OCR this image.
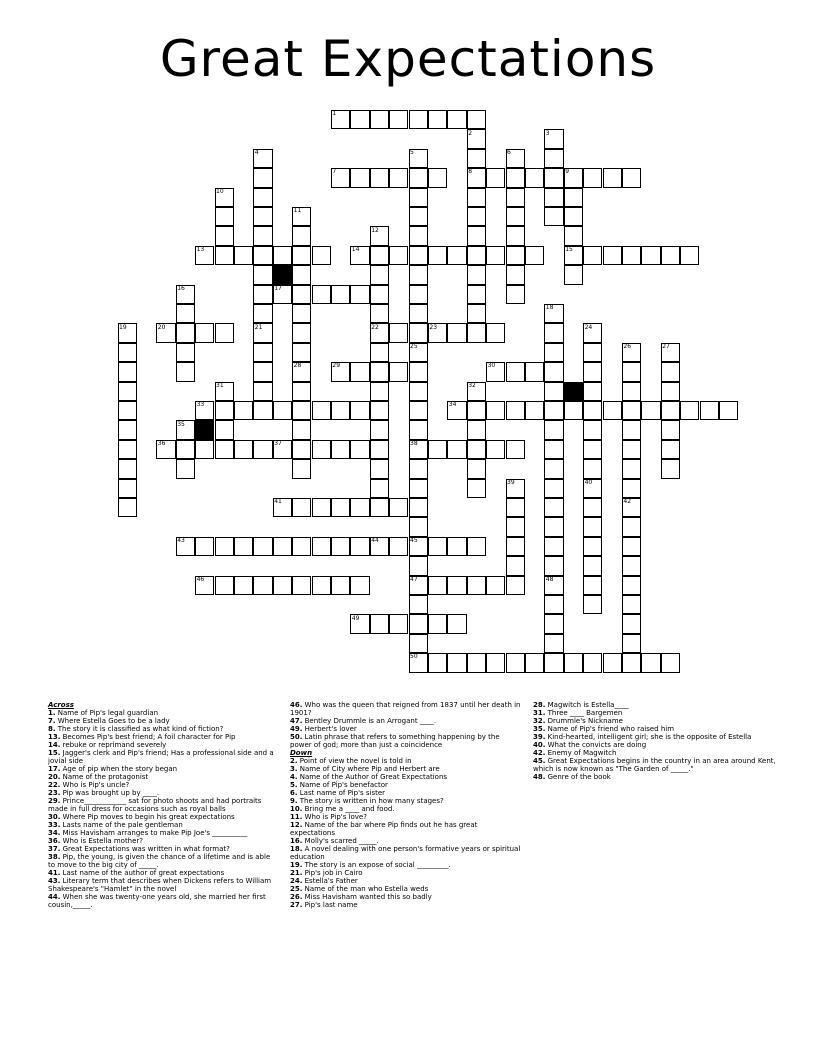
Great Expectations
1
2	3
4	5	6
7	8	9
10
11
12
13	14	15
16	17
18
19	20	21	22	23	24
25	26	27
28	29	30
31	32
33	34
35
36	37	38
39	40
41	42
43	44	45
46	47	48
49
50
Across
1. Name of Pip's legal guardian
7. Where Estella Goes to be a lady
8. The story it is classified as what kind of fiction?
13. Becomes Pip's best friend; A foil character for Pip
14. rebuke or reprimand severely
15. Jagger's clerk and Pip's friend; Has a professional side and a jovial side
17. Age of pip when the story began
20. Name of the protagonist
22. Who is Pip's uncle?
23. Pip was brought up by ____.
29. Prince____________ sat for photo shoots and had portraits made in full dress for occasions such as royal balls
30. Where Pip moves to begin his great expectations
33. Lasts name of the pale gentleman
34. Miss Havisham arranges to make Pip Joe's __________
36. Who is Estella mother?
37. Great Expectations was written in what format?
38. Pip, the young, is given the chance of a lifetime and is able to move to the big city of _____.
41. Last name of the author of great expectations
43. Literary term that describes when Dickens refers to William Shakespeare's "Hamlet" in the novel
44. When she was twenty-one years old, she married her first cousin,_____.
46. Who was the queen that reigned from 1837 until her death in 1901?
47. Bentley Drummle is an Arrogant ____.
49. Herbert's lover
50. Latin phrase that refers to something happening by the power of god; more than just a coincidence
Down
2. Point of view the novel is told in
3. Name of City where Pip and Herbert are
4. Name of the Author of Great Expectations
5. Name of Pip's benefactor
6. Last name of Pip's sister
9. The story is written in how many stages?
10. Bring me a ____ and food.
11. Who is Pip's love?
12. Name of the bar where Pip finds out he has great expectations
16. Molly's scarred _____.
18. A novel dealing with one person's formative years or spiritual education
19. The story is an expose of social _________.
21. Pip's job in Cairo
24. Estella's Father
25. Name of the man who Estella weds
26. Miss Havisham wanted this so badly
27. Pip's last name
28. Magwitch is Estella____
31. Three ____ Bargemen
32. Drummle's Nickname
35. Name of Pip's friend who raised him
39. Kind-hearted, intelligent girl; she is the opposite of Estella
40. What the convicts are doing
42. Enemy of Magwitch
45. Great Expectations begins in the country in an area around Kent, which is now known as "The Garden of _____."
48. Genre of the book
